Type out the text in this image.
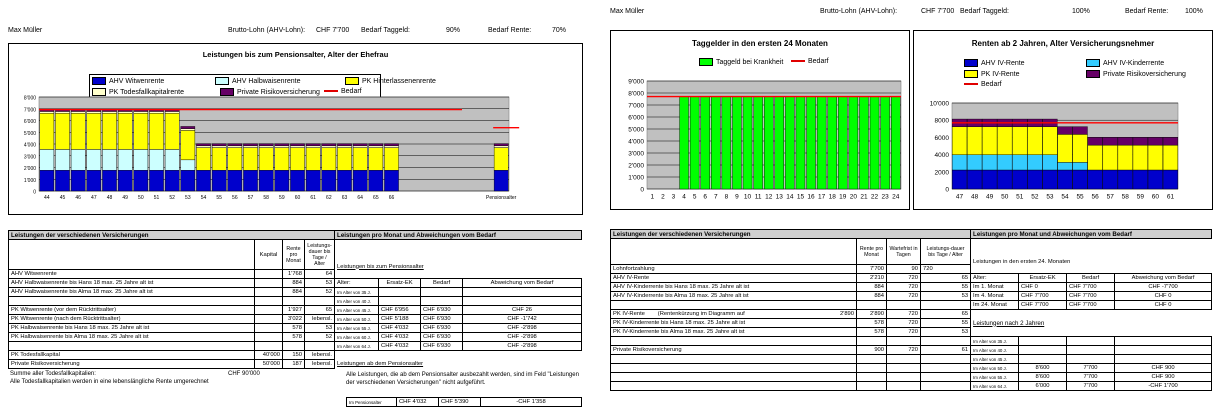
Max Müller	Brutto-Lohn (AHV-Lohn): CHF 7'700 Bedarf Taggeld:	90%	Bedarf Rente:	70%
Leistungen bis zum Pensionsalter, Alter der Ehefrau
AHV Witwenrente	AHV Halbwaisenrente	PK Hinterlassenenrente
PK Todesfallkapitalrente	Private Risikoversicherung	Bedarf
0
1'000
2'000
3'000
4'000
5'000
6'000
7'000
8'000
44 45 46 47 48 49 50 51 52 53 54 55 56 57 58 59 60 61 62 63 64 65 66	Pensionsalter
Leistungen der verschiedenen Versicherungen				Leistungen pro Monat und Abweichungen vom Bedarf			
	Kapital	Rente pro Monat	Leistungs-dauer bis Tage / Alter	Leistungen bis zum Pensionsalter			
AHV Witwenrente		1'768	64				
AHV Halbwaisenrente bis Hans 18 max. 25 Jahre alt ist		884	53	Alter:	Ersatz-EK	Bedarf	Abweichung vom Bedarf
AHV Halbwaisenrente bis Alma 18 max. 25 Jahre alt ist		884	52	Im Alter von 35 J.			
				Im Alter von 40 J.			
PK Witwenrente (vor dem Rücktrittsalter)		1'927	65	Im Alter von 45 J.	CHF 6'956	CHF 6'930	CHF 26
PK Witwenrente (nach dem Rücktrittsalter)		3'022	lebensl.	Im Alter von 50 J.	CHF 5'188	CHF 6'930	CHF -1'742
PK Halbwaisenrente bis Hans 18 max. 25 Jahre alt ist		578	53	Im Alter von 55 J.	CHF 4'032	CHF 6'930	CHF -2'898
PK Halbwaisenrente bis Alma 18 max. 25 Jahre alt ist		578	52	Im Alter von 60 J.	CHF 4'032	CHF 6'930	CHF -2'898
				Im Alter von 64 J.	CHF 4'032	CHF 6'930	CHF -2'898
PK Todesfallkapital	40'000	150	lebensl.				
Private Risikoversicherung	50'000	187	lebensl.	Leistungen ab dem Pensionsalter			
Summe aller Todesfallkapitalien:	CHF 90'000
Alle Todesfallkapitalien werden in eine lebenslängliche Rente umgerechnet
Alle Leistungen, die ab dem Pensionsalter ausbezahlt werden, sind im Feld "Leistungen der verschiedenen Versicherungen" nicht aufgeführt.
Im Pensionsalter	CHF 4'032	CHF 5'390	-CHF 1'358
Max Müller	Brutto-Lohn (AHV-Lohn):	CHF 7'700 Bedarf Taggeld:	100%	Bedarf Rente: 100%
Taggelder in den ersten 24 Monaten
Taggeld bei Krankheit	Bedarf
0
1'000
2'000
3'000
4'000
5'000
6'000
7'000
8'000
9'000
1 2 3 4 5 6 7 8 9 10 11 12 13 14 15 16 17 18 19 20 21 22 23 24
Renten ab 2 Jahren, Alter Versicherungsnehmer
AHV IV-Rente	AHV IV-Kinderrente
PK IV-Rente	Private Risikoversicherung
Bedarf
0
2000
4000
6000
8000
10'000
47 48 49 50 51 52 53 54 55 56 57 58 59 60 61
Leistungen der verschiedenen Versicherungen				Leistungen pro Monat und Abweichungen vom Bedarf			
	Rente pro Monat	Wartefrist in Tagen	Leistungs-dauer bis Tage / Alter	Leistungen in den ersten 24. Monaten			
Lohnfortzahlung	7'700	90	720				
AHV IV-Rente	2'210	720	65	Alter:	Ersatz-EK	Bedarf	Abweichung vom Bedarf
AHV IV-Kinderrente bis Hans 18 max. 25 Jahre alt ist	884	720	55	Im 1. Monat	CHF 0	CHF 7'700	CHF -7'700
AHV IV-Kinderrente bis Alma 18 max. 25 Jahre alt ist	884	720	53	Im 4. Monat	CHF 7'700	CHF 7'700	CHF 0
				Im 24. Monat	CHF 7'700	CHF 7'700	CHF 0
PK IV-Rente (Rentenkürzung im Diagramm auf 2'890	2'890	720	65				
PK IV-Kinderrente bis Hans 18 max. 25 Jahre alt ist	578	720	55	Leistungen nach 2 Jahren			
PK IV-Kinderrente bis Alma 18 max. 25 Jahre alt ist	578	720	53				
				Im Alter von 35 J.			
Private Risikoversicherung	900	720	61	Im Alter von 40 J.			
				Im Alter von 45 J.			
				Im Alter von 50 J.	8'600	7'700	CHF 900
				Im Alter von 55 J.	8'600	7'700	CHF 900
				Im Alter von 64 J.	6'000	7'700	-CHF 1'700
